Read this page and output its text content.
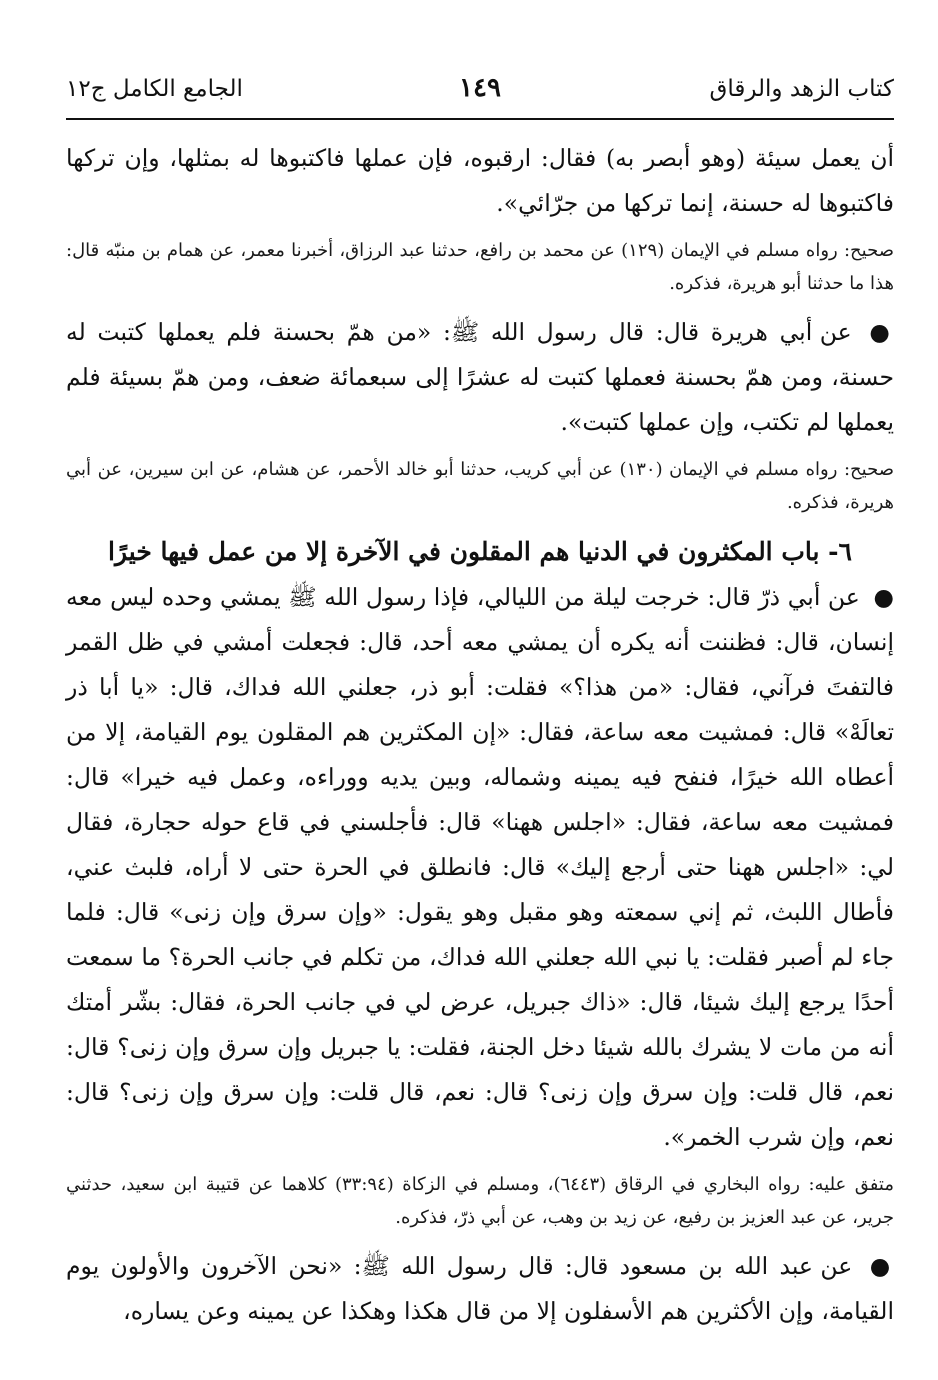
كتاب الزهد والرقاق
١٤٩
الجامع الكامل ج١٢

أن يعمل سيئة (وهو أبصر به) فقال: ارقبوه، فإن عملها فاكتبوها له بمثلها، وإن تركها فاكتبوها له حسنة، إنما تركها من جرّائي».

صحيح: رواه مسلم في الإيمان (١٢٩) عن محمد بن رافع، حدثنا عبد الرزاق، أخبرنا معمر، عن همام بن منبّه قال: هذا ما حدثنا أبو هريرة، فذكره.

● عن أبي هريرة قال: قال رسول الله ﷺ: «من همّ بحسنة فلم يعملها كتبت له حسنة، ومن همّ بحسنة فعملها كتبت له عشرًا إلى سبعمائة ضعف، ومن همّ بسيئة فلم يعملها لم تكتب، وإن عملها كتبت».

صحيح: رواه مسلم في الإيمان (١٣٠) عن أبي كريب، حدثنا أبو خالد الأحمر، عن هشام، عن ابن سيرين، عن أبي هريرة، فذكره.

٦- باب المكثرون في الدنيا هم المقلون في الآخرة إلا من عمل فيها خيرًا

● عن أبي ذرّ قال: خرجت ليلة من الليالي، فإذا رسول الله ﷺ يمشي وحده ليس معه إنسان، قال: فظننت أنه يكره أن يمشي معه أحد، قال: فجعلت أمشي في ظل القمر فالتفتَ فرآني، فقال: «من هذا؟» فقلت: أبو ذر، جعلني الله فداك، قال: «يا أبا ذر تعالَهْ» قال: فمشيت معه ساعة، فقال: «إن المكثرين هم المقلون يوم القيامة، إلا من أعطاه الله خيرًا، فنفح فيه يمينه وشماله، وبين يديه ووراءه، وعمل فيه خيرا» قال: فمشيت معه ساعة، فقال: «اجلس ههنا» قال: فأجلسني في قاع حوله حجارة، فقال لي: «اجلس ههنا حتى أرجع إليك» قال: فانطلق في الحرة حتى لا أراه، فلبث عني، فأطال اللبث، ثم إني سمعته وهو مقبل وهو يقول: «وإن سرق وإن زنى» قال: فلما جاء لم أصبر فقلت: يا نبي الله جعلني الله فداك، من تكلم في جانب الحرة؟ ما سمعت أحدًا يرجع إليك شيئا، قال: «ذاك جبريل، عرض لي في جانب الحرة، فقال: بشّر أمتك أنه من مات لا يشرك بالله شيئا دخل الجنة، فقلت: يا جبريل وإن سرق وإن زنى؟ قال: نعم، قال قلت: وإن سرق وإن زنى؟ قال: نعم، قال قلت: وإن سرق وإن زنى؟ قال: نعم، وإن شرب الخمر».

متفق عليه: رواه البخاري في الرقاق (٦٤٤٣)، ومسلم في الزكاة (٣٣:٩٤) كلاهما عن قتيبة ابن سعيد، حدثني جرير، عن عبد العزيز بن رفيع، عن زيد بن وهب، عن أبي ذرّ، فذكره.

● عن عبد الله بن مسعود قال: قال رسول الله ﷺ: «نحن الآخرون والأولون يوم القيامة، وإن الأكثرين هم الأسفلون إلا من قال هكذا وهكذا عن يمينه وعن يساره،
